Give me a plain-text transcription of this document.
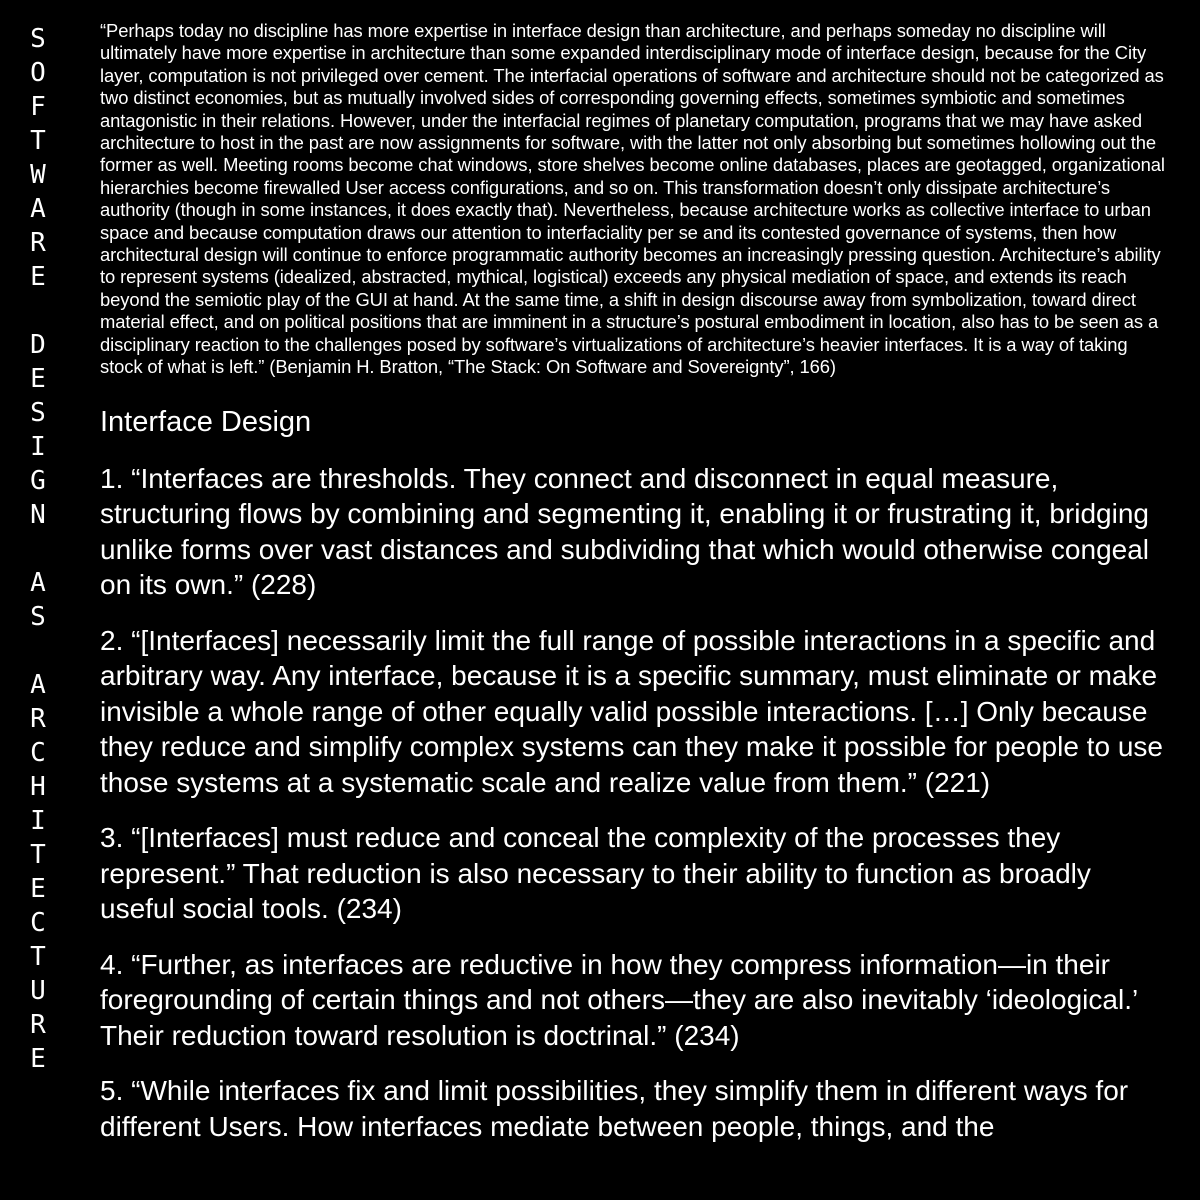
S
O
F
T
W
A
R
E
D
E
S
I
G
N
A
S
A
R
C
H
I
T
E
C
T
U
R
E

“Perhaps today no discipline has more expertise in interface design than architecture, and perhaps someday no discipline will ultimately have more expertise in architecture than some expanded interdisciplinary mode of interface design, because for the City layer, computation is not privileged over cement. The interfacial operations of software and architecture should not be categorized as two distinct economies, but as mutually involved sides of corresponding governing effects, sometimes symbiotic and sometimes antagonistic in their relations. However, under the interfacial regimes of planetary computation, programs that we may have asked architecture to host in the past are now assignments for software, with the latter not only absorbing but sometimes hollowing out the former as well. Meeting rooms become chat windows, store shelves become online databases, places are geotagged, organizational hierarchies become firewalled User access configurations, and so on. This transformation doesn’t only dissipate architecture’s authority (though in some instances, it does exactly that). Nevertheless, because architecture works as collective interface to urban space and because computation draws our attention to interfaciality per se and its contested governance of systems, then how architectural design will continue to enforce programmatic authority becomes an increasingly pressing question. Architecture’s ability to represent systems (idealized, abstracted, mythical, logistical) exceeds any physical mediation of space, and extends its reach beyond the semiotic play of the GUI at hand. At the same time, a shift in design discourse away from symbolization, toward direct material effect, and on political positions that are imminent in a structure’s postural embodiment in location, also has to be seen as a disciplinary reaction to the challenges posed by software’s virtualizations of architecture’s heavier interfaces. It is a way of taking stock of what is left.” (Benjamin H. Bratton, “The Stack: On Software and Sovereignty”, 166)

Interface Design
1. “Interfaces are thresholds. They connect and disconnect in equal measure, structuring flows by combining and segmenting it, enabling it or frustrating it, bridging unlike forms over vast distances and subdividing that which would otherwise congeal on its own.” (228)
2. “[Interfaces] necessarily limit the full range of possible interactions in a specific and arbitrary way. Any interface, because it is a specific summary, must eliminate or make invisible a whole range of other equally valid possible interactions. […] Only because they reduce and simplify complex systems can they make it possible for people to use those systems at a systematic scale and realize value from them.” (221)
3. “[Interfaces] must reduce and conceal the complexity of the processes they represent.” That reduction is also necessary to their ability to function as broadly useful social tools. (234)
4. “Further, as interfaces are reductive in how they compress information—in their foregrounding of certain things and not others—they are also inevitably ‘ideological.’ Their reduction toward resolution is doctrinal.” (234)
5. “While interfaces fix and limit possibilities, they simplify them in different ways for different Users. How interfaces mediate between people, things, and the
